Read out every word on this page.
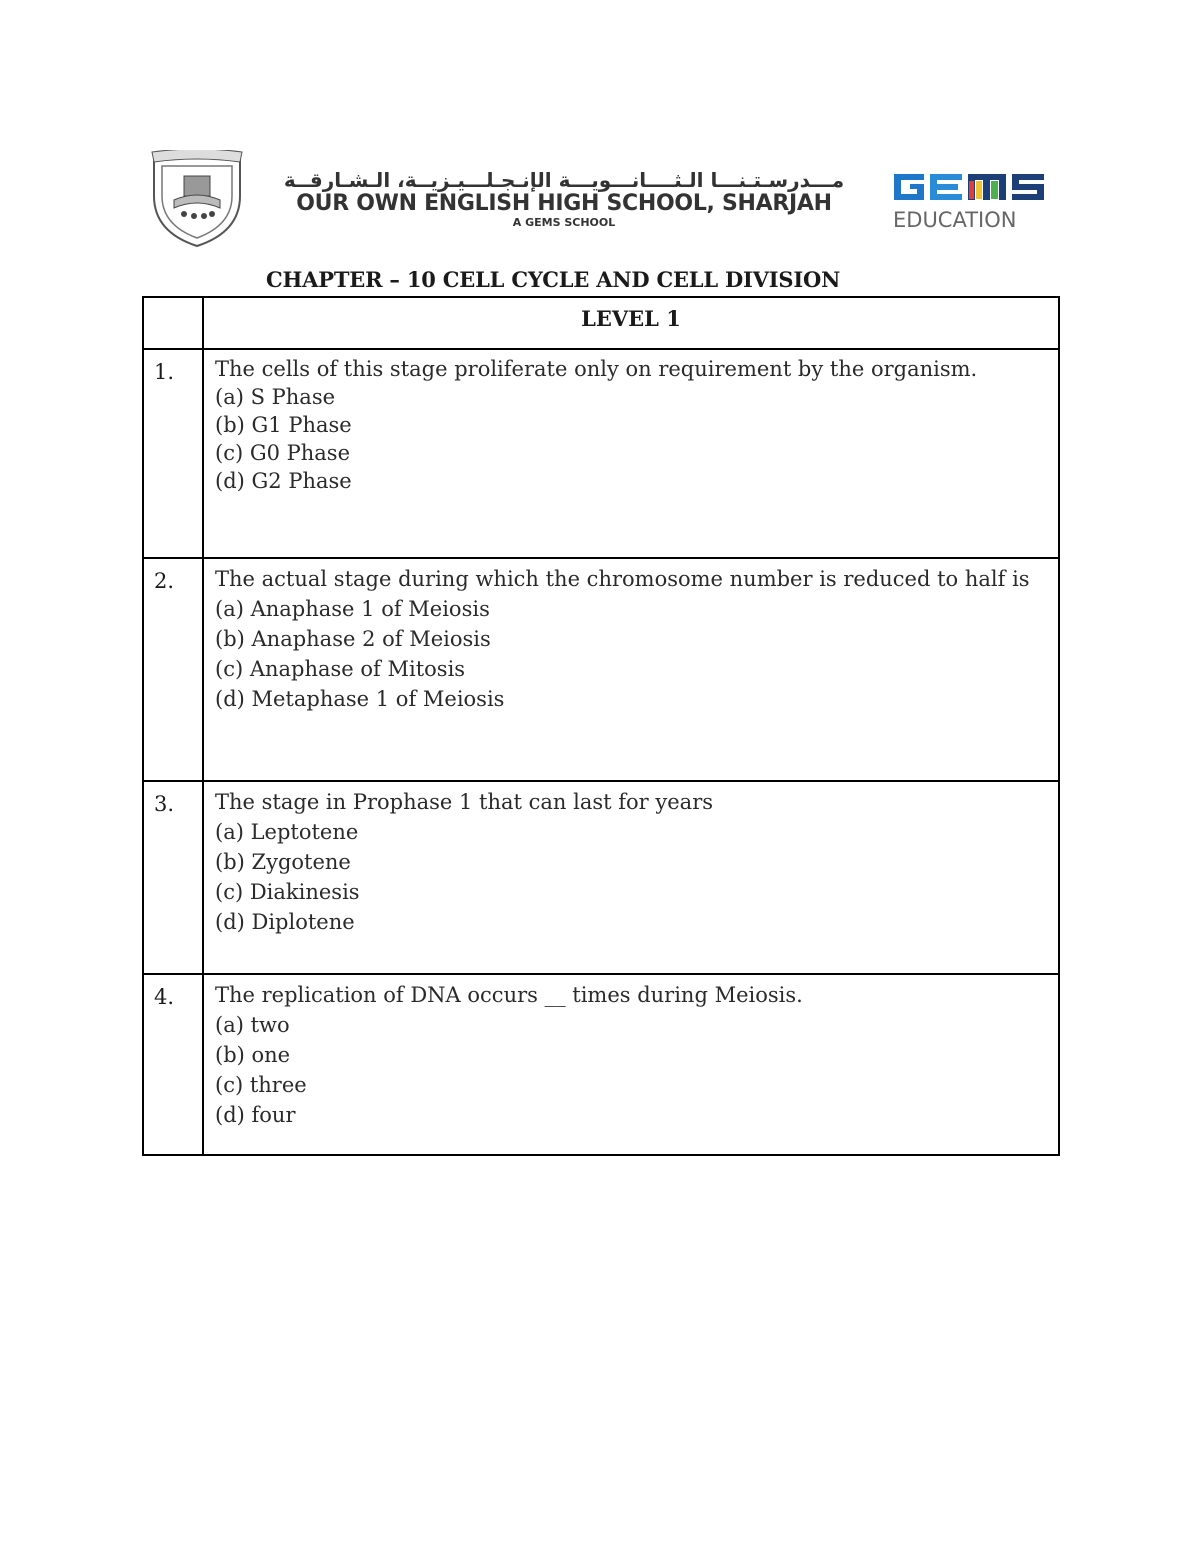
مـــدرسـتـنـــا الـثــــانـــويـــة الإنـجـلـــيـزيــة، الـشـارقــة
OUR OWN ENGLISH HIGH SCHOOL, SHARJAH
A GEMS SCHOOL	EDUCATION
CHAPTER – 10 CELL CYCLE AND CELL DIVISION
	LEVEL 1
1.	The cells of this stage proliferate only on requirement by the organism.
(a) S Phase
(b) G1 Phase
(c) G0 Phase
(d) G2 Phase

2.	The actual stage during which the chromosome number is reduced to half is
(a) Anaphase 1 of Meiosis
(b) Anaphase 2 of Meiosis
(c) Anaphase of Mitosis
(d) Metaphase 1 of Meiosis

3.	The stage in Prophase 1 that can last for years
(a) Leptotene
(b) Zygotene
(c) Diakinesis
(d) Diplotene

4.	The replication of DNA occurs __ times during Meiosis.
(a) two
(b) one
(c) three
(d) four
